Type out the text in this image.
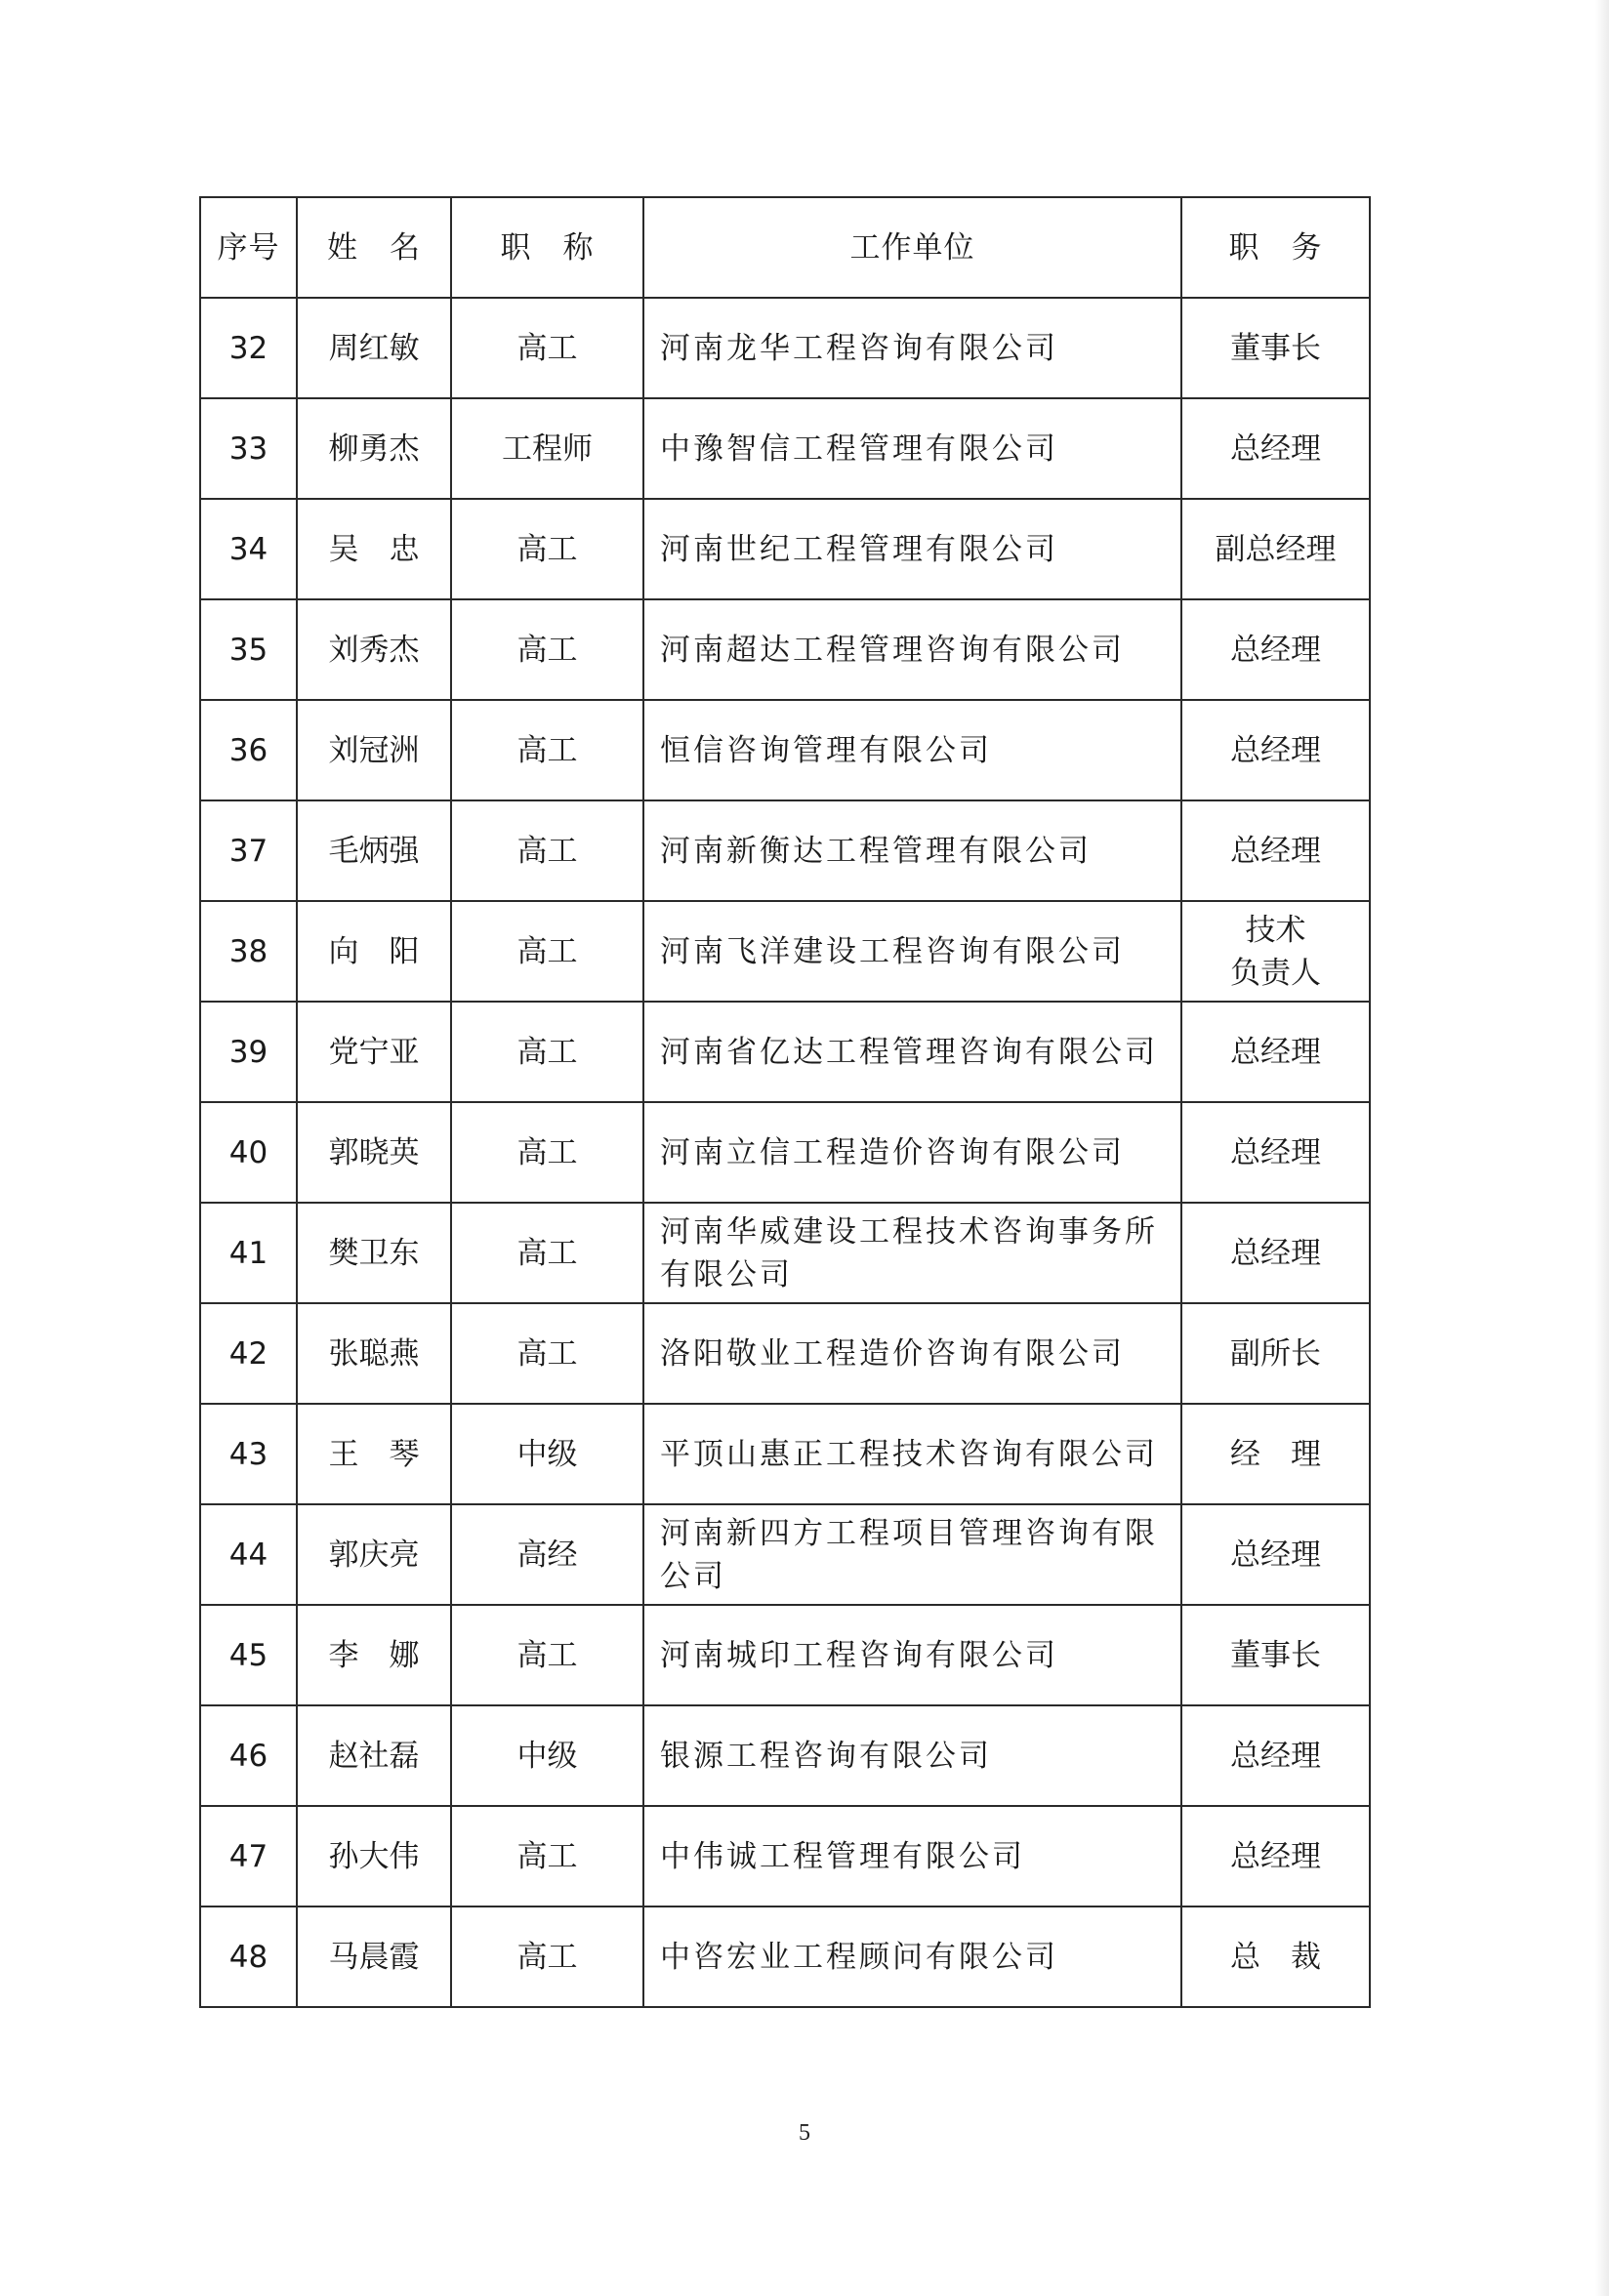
序号	姓　名	职　称	工作单位	职　务
32	周红敏	高工	河南龙华工程咨询有限公司	董事长
33	柳勇杰	工程师	中豫智信工程管理有限公司	总经理
34	吴　忠	高工	河南世纪工程管理有限公司	副总经理
35	刘秀杰	高工	河南超达工程管理咨询有限公司	总经理
36	刘冠洲	高工	恒信咨询管理有限公司	总经理
37	毛炳强	高工	河南新衡达工程管理有限公司	总经理
38	向　阳	高工	河南飞洋建设工程咨询有限公司	技术
负责人

39	党宁亚	高工	河南省亿达工程管理咨询有限公司	总经理
40	郭晓英	高工	河南立信工程造价咨询有限公司	总经理
41	樊卫东	高工	河南华威建设工程技术咨询事务所有限公司	总经理
42	张聪燕	高工	洛阳敬业工程造价咨询有限公司	副所长
43	王　琴	中级	平顶山惠正工程技术咨询有限公司	经　理
44	郭庆亮	高经	河南新四方工程项目管理咨询有限公司	总经理
45	李　娜	高工	河南城印工程咨询有限公司	董事长
46	赵社磊	中级	银源工程咨询有限公司	总经理
47	孙大伟	高工	中伟诚工程管理有限公司	总经理
48	马晨霞	高工	中咨宏业工程顾问有限公司	总　裁
5
